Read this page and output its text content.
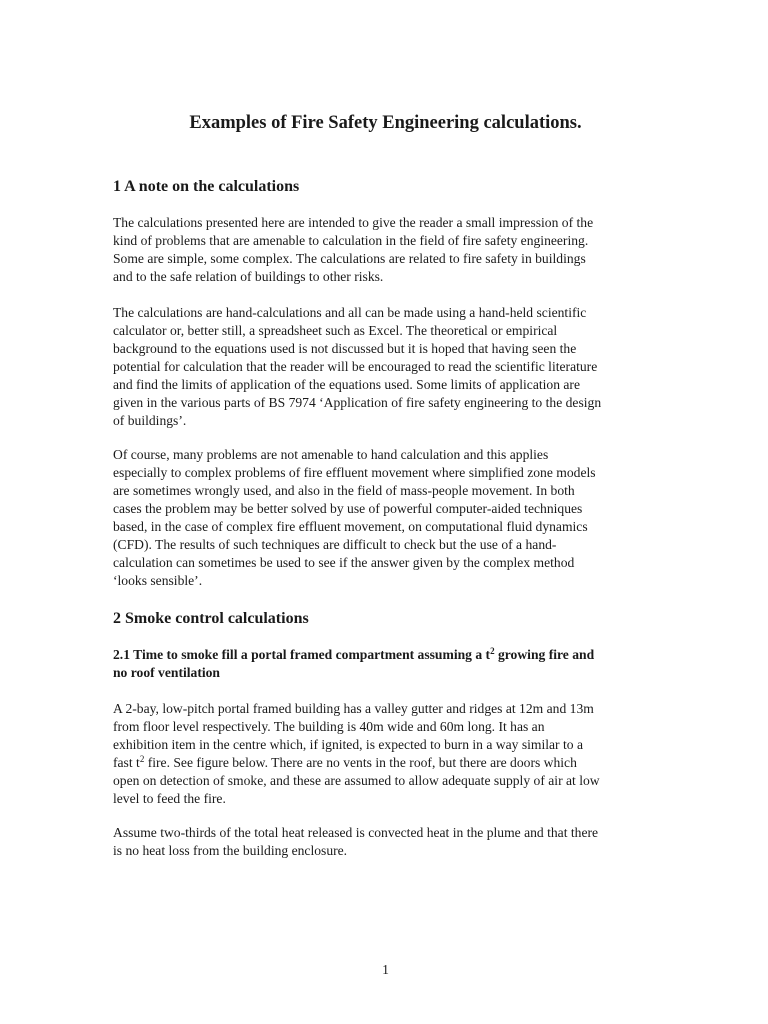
Examples of Fire Safety Engineering calculations.
1 A note on the calculations

The calculations presented here are intended to give the reader a small impression of the
kind of problems that are amenable to calculation in the field of fire safety engineering.
Some are simple, some complex. The calculations are related to fire safety in buildings
and to the safe relation of buildings to other risks.

The calculations are hand-calculations and all can be made using a hand-held scientific
calculator or, better still, a spreadsheet such as Excel. The theoretical or empirical
background to the equations used is not discussed but it is hoped that having seen the
potential for calculation that the reader will be encouraged to read the scientific literature
and find the limits of application of the equations used. Some limits of application are
given in the various parts of BS 7974 ‘Application of fire safety engineering to the design
of buildings’.

Of course, many problems are not amenable to hand calculation and this applies
especially to complex problems of fire effluent movement where simplified zone models
are sometimes wrongly used, and also in the field of mass-people movement. In both
cases the problem may be better solved by use of powerful computer-aided techniques
based, in the case of complex fire effluent movement, on computational fluid dynamics
(CFD). The results of such techniques are difficult to check but the use of a hand-
calculation can sometimes be used to see if the answer given by the complex method
‘looks sensible’.

2 Smoke control calculations
2.1 Time to smoke fill a portal framed compartment assuming a $t^2$ growing fire and
no roof ventilation

A 2-bay, low-pitch portal framed building has a valley gutter and ridges at 12m and 13m
from floor level respectively. The building is 40m wide and 60m long. It has an
exhibition item in the centre which, if ignited, is expected to burn in a way similar to a
fast $t^2$ fire. See figure below. There are no vents in the roof, but there are doors which
open on detection of smoke, and these are assumed to allow adequate supply of air at low
level to feed the fire.

Assume two-thirds of the total heat released is convected heat in the plume and that there
is no heat loss from the building enclosure.

1
